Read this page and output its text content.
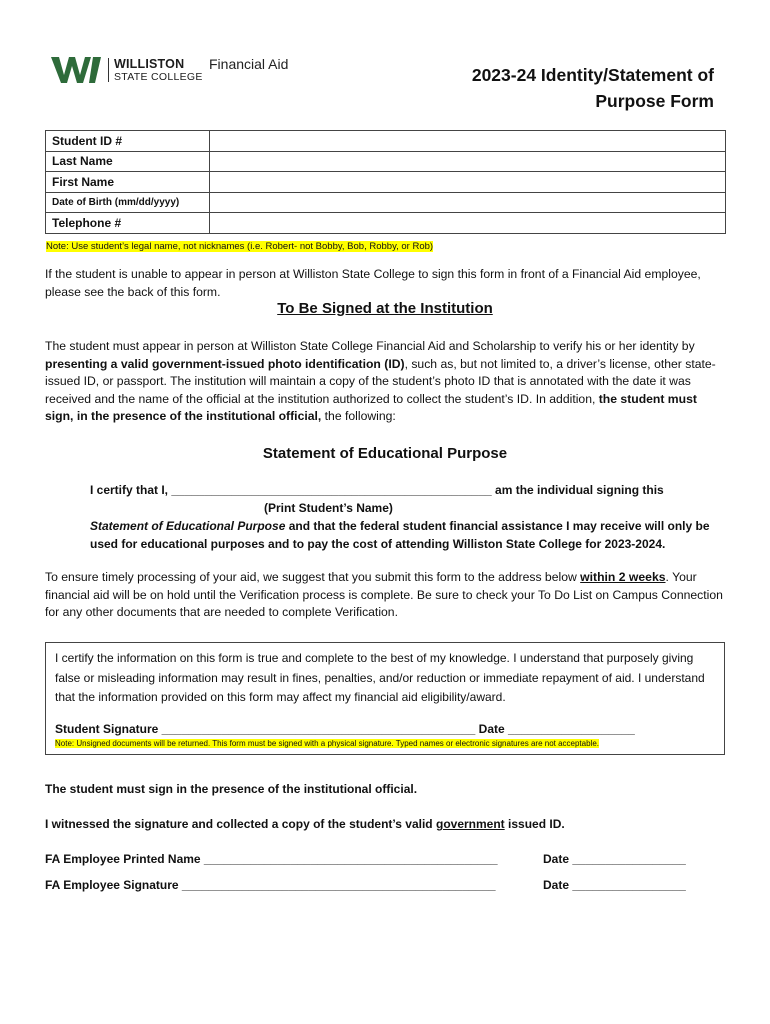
WILLISTON
STATE COLLEGE
Financial Aid
2023-24 Identity/Statement of
Purpose Form
Student ID #	
Last Name	
First Name	
Date of Birth (mm/dd/yyyy)	
Telephone #	
Note: Use student’s legal name, not nicknames (i.e. Robert- not Bobby, Bob, Robby, or Rob)
If the student is unable to appear in person at Williston State College to sign this form in front of a Financial Aid employee, please see the back of this form.
To Be Signed at the Institution
The student must appear in person at Williston State College Financial Aid and Scholarship to verify his or her identity by presenting a valid government-issued photo identification (ID), such as, but not limited to, a driver’s license, other state-issued ID, or passport. The institution will maintain a copy of the student’s photo ID that is annotated with the date it was received and the name of the official at the institution authorized to collect the student’s ID. In addition, the student must sign, in the presence of the institutional official, the following:
Statement of Educational Purpose
I certify that I, ________________________________________________ am the individual signing this
(Print Student’s Name)
Statement of Educational Purpose and that the federal student financial assistance I may receive will only be
used for educational purposes and to pay the cost of attending Williston State College for 2023-2024.
To ensure timely processing of your aid, we suggest that you submit this form to the address below within 2 weeks. Your financial aid will be on hold until the Verification process is complete. Be sure to check your To Do List on Campus Connection for any other documents that are needed to complete Verification.
I certify the information on this form is true and complete to the best of my knowledge. I understand that purposely giving false or misleading information may result in fines, penalties, and/or reduction or immediate repayment of aid. I understand that the information provided on this form may affect my financial aid eligibility/award.
Student Signature _______________________________________________ Date ___________________
Note: Unsigned documents will be returned. This form must be signed with a physical signature. Typed names or electronic signatures are not acceptable.
The student must sign in the presence of the institutional official.
I witnessed the signature and collected a copy of the student’s valid government issued ID.
FA Employee Printed Name ____________________________________________	Date _________________
FA Employee Signature _______________________________________________	Date _________________
